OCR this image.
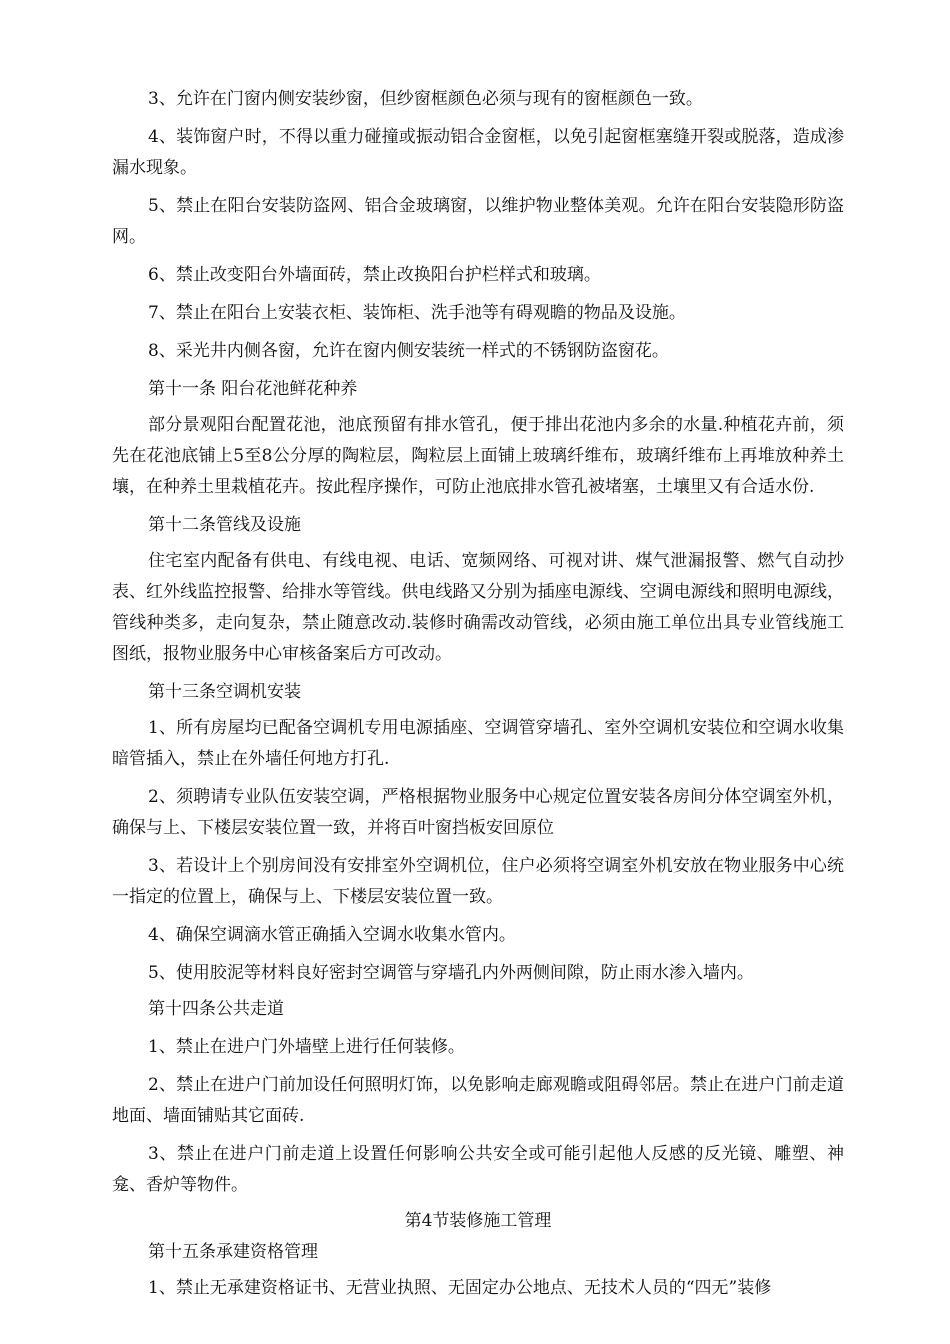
3、允许在门窗内侧安装纱窗，但纱窗框颜色必须与现有的窗框颜色一致。

4、装饰窗户时，不得以重力碰撞或振动铝合金窗框，以免引起窗框塞缝开裂或脱落，造成渗漏水现象。

5、禁止在阳台安装防盗网、铝合金玻璃窗，以维护物业整体美观。允许在阳台安装隐形防盗网。

6、禁止改变阳台外墙面砖，禁止改换阳台护栏样式和玻璃。

7、禁止在阳台上安装衣柜、装饰柜、洗手池等有碍观瞻的物品及设施。

8、采光井内侧各窗，允许在窗内侧安装统一样式的不锈钢防盗窗花。

第十一条 阳台花池鲜花种养

部分景观阳台配置花池，池底预留有排水管孔，便于排出花池内多余的水量.种植花卉前，须先在花池底铺上5至8公分厚的陶粒层，陶粒层上面铺上玻璃纤维布，玻璃纤维布上再堆放种养土壤，在种养土里栽植花卉。按此程序操作，可防止池底排水管孔被堵塞，土壤里又有合适水份.

第十二条管线及设施

住宅室内配备有供电、有线电视、电话、宽频网络、可视对讲、煤气泄漏报警、燃气自动抄表、红外线监控报警、给排水等管线。供电线路又分别为插座电源线、空调电源线和照明电源线，管线种类多，走向复杂，禁止随意改动.装修时确需改动管线，必须由施工单位出具专业管线施工图纸，报物业服务中心审核备案后方可改动。

第十三条空调机安装

1、所有房屋均已配备空调机专用电源插座、空调管穿墙孔、室外空调机安装位和空调水收集暗管插入，禁止在外墙任何地方打孔.

2、须聘请专业队伍安装空调，严格根据物业服务中心规定位置安装各房间分体空调室外机，确保与上、下楼层安装位置一致，并将百叶窗挡板安回原位

3、若设计上个别房间没有安排室外空调机位，住户必须将空调室外机安放在物业服务中心统一指定的位置上，确保与上、下楼层安装位置一致。

4、确保空调滴水管正确插入空调水收集水管内。

5、使用胶泥等材料良好密封空调管与穿墙孔内外两侧间隙，防止雨水渗入墙内。

第十四条公共走道

1、禁止在进户门外墙壁上进行任何装修。

2、禁止在进户门前加设任何照明灯饰，以免影响走廊观瞻或阻碍邻居。禁止在进户门前走道地面、墙面铺贴其它面砖.

3、禁止在进户门前走道上设置任何影响公共安全或可能引起他人反感的反光镜、雕塑、神龛、香炉等物件。

第4节装修施工管理

第十五条承建资格管理

1、禁止无承建资格证书、无营业执照、无固定办公地点、无技术人员的“四无”装修
